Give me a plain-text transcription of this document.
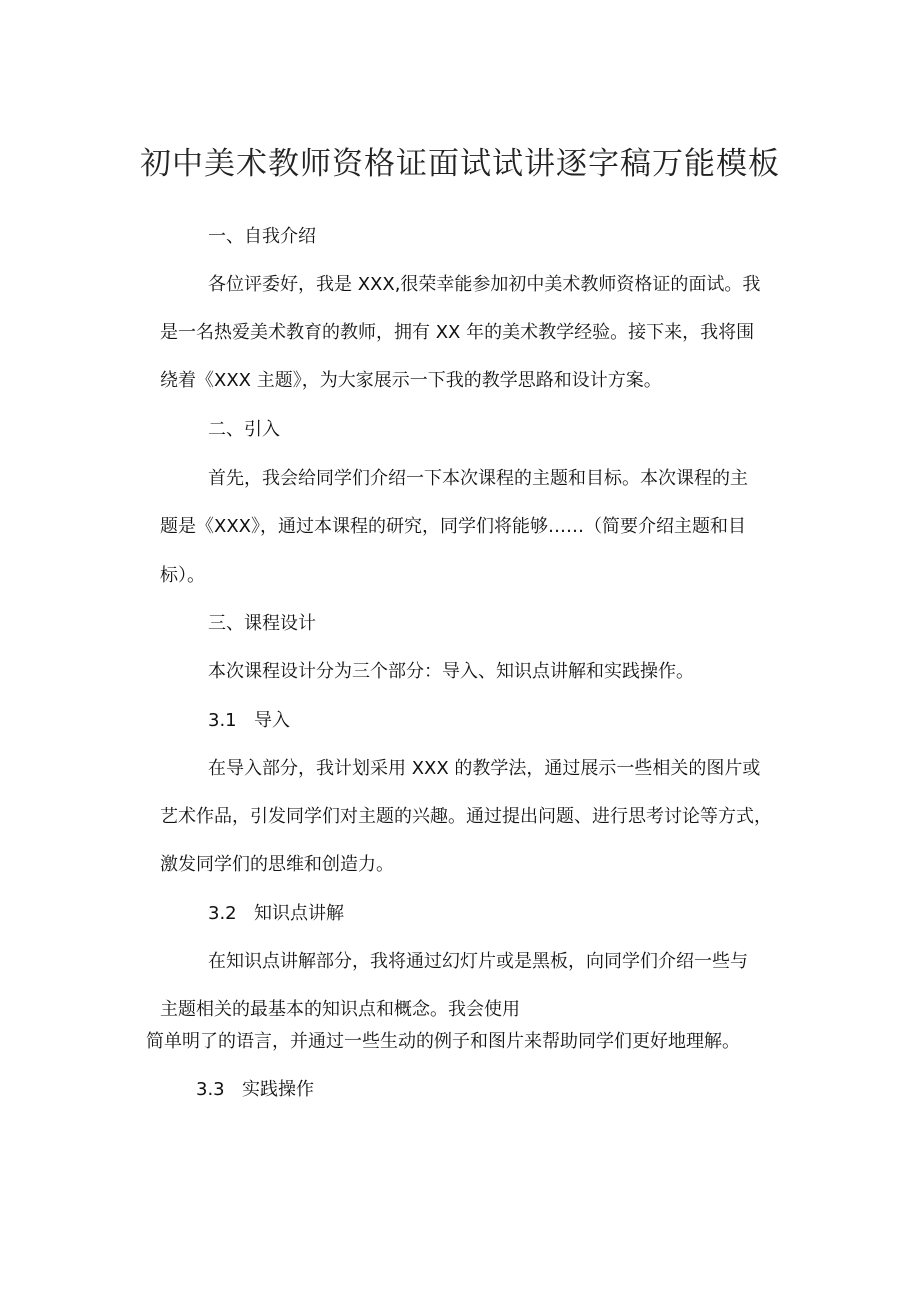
初中美术教师资格证面试试讲逐字稿万能模板
一、自我介绍
各位评委好，我是 XXX,很荣幸能参加初中美术教师资格证的面试。我
是一名热爱美术教育的教师，拥有 XX 年的美术教学经验。接下来，我将围
绕着《XXX 主题》，为大家展示一下我的教学思路和设计方案。
二、引入
首先，我会给同学们介绍一下本次课程的主题和目标。本次课程的主
题是《XXX》，通过本课程的研究，同学们将能够……（简要介绍主题和目
标）。
三、课程设计
本次课程设计分为三个部分：导入、知识点讲解和实践操作。
3.1 导入
在导入部分，我计划采用 XXX 的教学法，通过展示一些相关的图片或
艺术作品，引发同学们对主题的兴趣。通过提出问题、进行思考讨论等方式，
激发同学们的思维和创造力。
3.2 知识点讲解
在知识点讲解部分，我将通过幻灯片或是黑板，向同学们介绍一些与
主题相关的最基本的知识点和概念。我会使用
简单明了的语言，并通过一些生动的例子和图片来帮助同学们更好地理解。
3.3 实践操作
